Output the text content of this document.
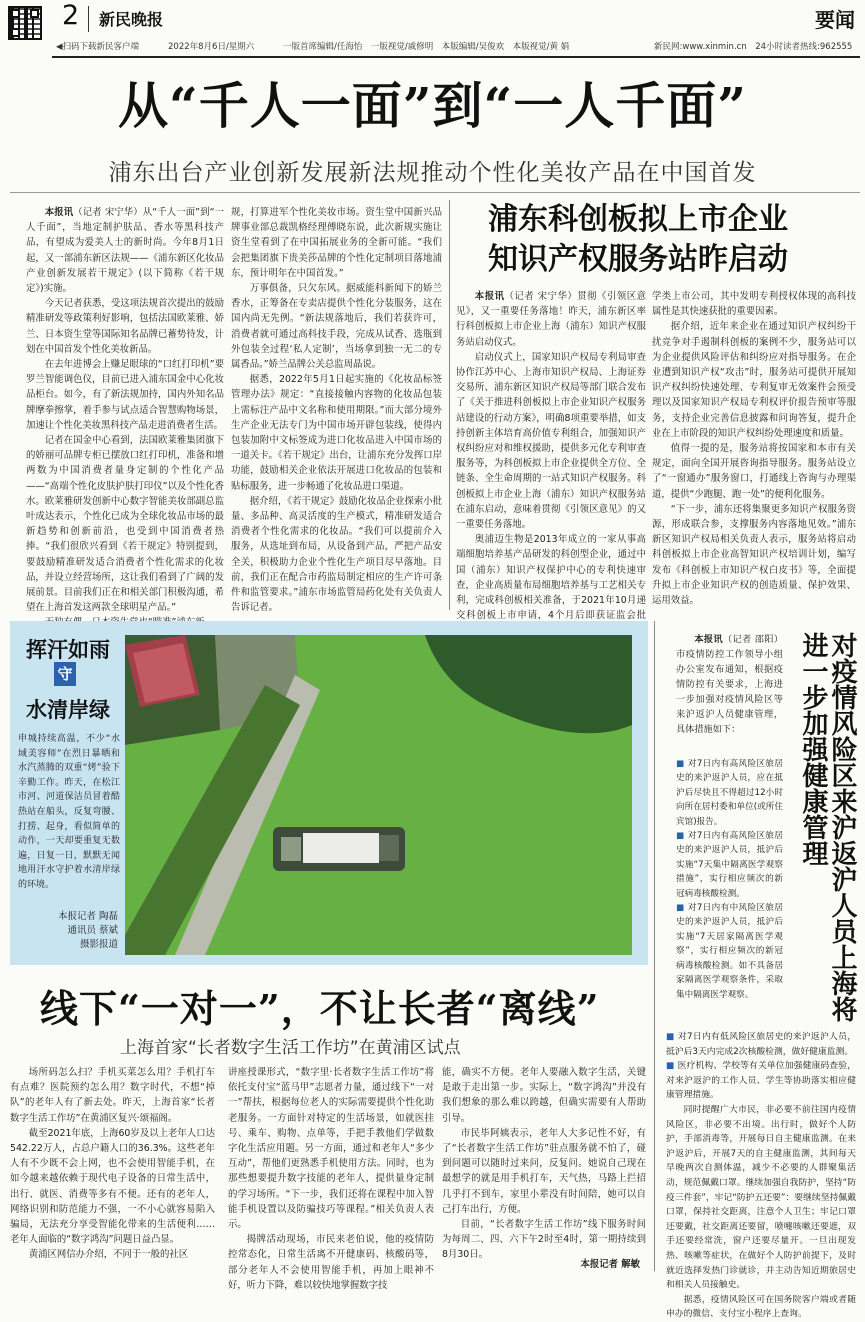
2 新民晚报	要闻
◀扫码下载新民客户端	2022年8月6日/星期六	一版首席编辑/任海怡　一版视觉/戚修明　本版编辑/吴俊欢　本版视觉/黄 娟	新民网:www.xinmin.cn　24小时读者热线:962555
从“千人一面”到“一人千面”
浦东出台产业创新发展新法规推动个性化美妆产品在中国首发

本报讯（记者 宋宁华）从“千人一面”到“一人千面”，当地定制护肤品、香水等黑科技产品，有望成为爱美人士的新时尚。今年8月1日起，又一部浦东新区法规——《浦东新区化妆品产业创新发展若干规定》(以下简称《若干规定》)实施。

今天记者获悉，受这项法规首次提出的鼓励精准研发等政策利好影响，包括法国欧莱雅、娇兰、日本资生堂等国际知名品牌已蓄势待发，计划在中国首发个性化美妆新品。

在去年进博会上赚足眼球的“口红打印机”要罗兰智能调色仪，目前已进入浦东国金中心化妆品柜台。如今，有了新法规加持，国内外知名品牌摩拳擦掌，着手参与试点适合智慧购物场景，加速让个性化美妆黑科技产品走进消费者生活。

记者在国金中心看到，法国欧莱雅集团旗下的娇丽可品牌专柜已摆放口红打印机，准备和增两数为中国消费者量身定制的个性化产品——“高端个性化皮肤护肤打印仪”以及个性化香水。欧莱雅研发创新中心数字智能美妆部副总监叶成达表示，个性化已成为全球化妆品市场的最新趋势和创新前沿，也受到中国消费者热捧。“我们很欣兴看到《若干规定》特别提到，要鼓励精准研发适合消费者个性化需求的化妆品，并设立经营场所，这让我们看到了广阔的发展前景。目前我们正在和相关部门积极沟通，希望在上海首发这两款全球明星产品。”

规，打算进军个性化美妆市场。资生堂中国新兴品牌事业部总裁凯格经理傅晓东说，此次新规实施让资生堂看到了在中国拓展业务的全新可能。“我们会把集团旗下贵美莎品牌的个性化定制项目落地浦东，预计明年在中国首发。”

万事俱备，只欠东风。据威能科新闻下的娇兰香水，正筹备在专卖店提供个性化分装服务，这在国内尚无先例。“新法规落地后，我们若获许可，消费者就可通过高科技手段，完成从试香、选瓶到外包装全过程‘私人定制’，当场拿到独一无二的专属香品。”娇兰品牌公关总监周晶说。

据悉，2022年5月1日起实施的《化妆品标签管理办法》规定：“直接接触内容物的化妆品包装上需标注产品中文名称和使用期限。”而大部分境外生产企业无法专门为中国市场开辟包装线，使得内包装加附中文标签成为进口化妆品进入中国市场的一道关卡。《若干规定》出台，让浦东充分发挥口岸功能，鼓励相关企业依法开展进口化妆品的包装和贴标服务，进一步畅通了化妆品进口渠道。

据介绍，《若干规定》鼓励化妆品企业探索小批量、多品种、高灵活度的生产模式，精准研发适合消费者个性化需求的化妆品。“我们可以提前介入服务，从选址到布局，从设备到产品，严把产品安全关，积极助力企业个性化生产项目尽早落地。目前，我们正在配合市药监局制定相应的生产许可条件和监管要求。”浦东市场监管局药化处有关负责人告诉记者。

浦东科创板拟上市企业
知识产权服务站昨启动

本报讯（记者 宋宁华）贯彻《引领区意见》，又一重要任务落地！昨天，浦东新区率行科创板拟上市企业上海（浦东）知识产权服务站启动仪式。

启动仪式上，国家知识产权局专利局审查协作江苏中心、上海市知识产权局、上海证券交易所、浦东新区知识产权局等部门联合发布了《关于推进科创板拟上市企业知识产权服务站建设的行动方案》，明确8项重要举措，如支持创新主体培育高价值专利组合，加强知识产权纠纷应对和维权援助，提供多元化专利审查服务等，为科创板拟上市企业提供全方位、全链条、全生命周期的一站式知识产权服务。科创板拟上市企业上海（浦东）知识产权服务站在浦东启动，意味着贯彻《引领区意见》的又一重要任务落地。

奥浦迈生物是2013年成立的一家从事高端细胞培养基产品研发的科创型企业，通过中国（浦东）知识产权保护中心的专利快速审查，企业高质量布局细胞培养基与工艺相关专利，完成科创板相关准备，于2021年10月递交科创板上市申请，4个月后即获证监会批

学类上市公司，其中发明专利授权体现的高科技属性是其快速获批的重要因素。

据介绍，近年来企业在通过知识产权纠纷干扰竞争对手遏制科创板的案例不少，服务站可以为企业提供风险评估和纠纷应对指导服务。在企业遭到知识产权“攻击”时，服务站可提供开展知识产权纠纷快速处理、专利复审无效案件会预受理以及国家知识产权局专利权评价报告预审等服务，支持企业完善信息披露和问询答复，提升企业在上市阶段的知识产权纠纷处理速度和质量。

值得一提的是，服务站将按国家和本市有关规定，面向全国开展咨询指导服务。服务站设立了“一窗通办”服务窗口，打通线上咨询与办理渠道，提供“少跑腿、跑一处”的便利化服务。

“下一步，浦东还将集聚更多知识产权服务资源，形成联合参，支撑服务内容落地见效。”浦东新区知识产权局相关负责人表示，服务站将启动科创板拟上市企业高智知识产权培训计划，编写发布《科创板上市知识产权白皮书》等，全面提升拟上市企业知识产权的创造质量、保护效果、运用效益。

挥汗如雨
守
水清岸绿
申城持续高温，不少“水域美容师”在烈日暴晒和水汽蒸腾的双重“烤”验下辛勤工作。昨天，在松江市河、河道保洁员冒着酷热站在船头，反复弯腰、打捞、起身，看似简单的动作，一天却要重复无数遍，日复一日，默默无闻地用汗水守护着水清岸绿的环境。
本报记者 陶磊
通讯员 蔡斌
摄影报道	对疫情风险区来沪返沪人员上海将进一步加强健康管理

本报讯（记者 邵阳）市疫情防控工作领导小组办公室发布通知，根据疫情防控有关要求，上海进一步加强对疫情风险区等来沪返沪人员健康管理，具体措施如下：

■ 对7日内有高风险区旅居史的来沪返沪人员，应在抵沪后尽快且不得超过12小时向所在居村委和单位(或所住宾馆)报告。

■ 对7日内有高风险区旅居史的来沪返沪人员，抵沪后实施“7天集中隔离医学观察措施”，实行相应频次的新冠病毒核酸检测。

■ 对7日内有中风险区旅居史的来沪返沪人员，抵沪后实施“7天居家隔离医学观察”，实行相应频次的新冠病毒核酸检测。如不具备居家隔离医学观察条件，采取集中隔离医学观察。

■ 对7日内有低风险区旅居史的来沪返沪人员，抵沪后3天内完成2次核酸检测，做好健康监测。

■ 医疗机构、学校等有关单位加强健康码查验，对来沪返沪的工作人员、学生等协助落实相应健康管理措施。

同时提醒广大市民，非必要不前往国内疫情风险区，非必要不出境。出行时，做好个人防护，手部消毒等，开展每日自主健康监测。在来沪返沪后，开展7天的自主健康监测，其间每天早晚两次自测体温，减少不必要的人群聚集活动，规范佩戴口罩。继续加强自我防护，坚持“防疫三件套”，牢记“防护五还要”：要继续坚持佩戴口罩，保持社交距离，注意个人卫生；牢记口罩还要戴，社交距离还要留，喷嚏咳嗽还要遮，双手还要经常洗，窗户还要尽量开。一旦出现发热、咳嗽等症状，在做好个人防护前提下，及时就近选择发热门诊就诊，并主动告知近期旅居史和相关人员接触史。

据悉，疫情风险区可在国务院客户端或者随申办的微信、支付宝小程序上查询。

线下“一对一”，不让长者“离线”
上海首家“长者数字生活工作坊”在黄浦区试点

场所码怎么扫？手机买菜怎么用？手机打车有点难？医院预约怎么用？数字时代，不想“掉队”的老年人有了新去处。昨天，上海首家“长者数字生活工作坊”在黄浦区复兴·颂福阁。

截至2021年底，上海60岁及以上老年人口达542.22万人，占总户籍人口的36.3%。这些老年人有不少既不会上网，也不会使用智能手机，在如今越来越依赖于现代电子设备的日常生活中，出行、就医、消费等多有不便。还有的老年人，网络识别和防范能力不强，一不小心就容易陷入骗局，无法充分享受智能化带来的生活便利……老年人面临的“数字鸿沟”问题日益凸显。

黄浦区网信办介绍，不同于一般的社区

讲座授课形式，“数字里·长者数字生活工作坊”将依托支付宝“蓝马甲”志愿者力量，通过线下“一对一”帮扶，根据每位老人的实际需要提供个性化助老服务。一方面针对特定的生活场景，如就医挂号、乘车、购物、点单等，手把手教他们学做数字化生活应用题。另一方面，通过和老年人“多少互动”，帮他们更熟悉手机使用方法。同时，也为那些想要提升数字技能的老年人，提供量身定制的学习场所。“下一步，我们还将在课程中加入智能手机设置以及防骗技巧等课程。”相关负责人表示。

揭牌活动现场，市民来老伯说，他的疫情防控常态化，日常生活离不开健康码、核酸码等，部分老年人不会使用智能手机，再加上眼神不好，听力下降，难以较快地掌握数字技

能，确实不方便。老年人要融入数字生活，关键是敢于走出第一步。实际上，“数字鸿沟”并没有我们想象的那么难以跨越，但确实需要有人帮助引导。

市民毕阿姨表示，老年人大多记性不好，有了“长者数字生活工作坊”驻点服务就不怕了，碰到问题可以随时过来问，反复问。她说自己现在最想学的就是用手机打车，天气热，马路上拦招几乎打不到车，家里小辈没有时间陪，她可以自己打车出行，方便。

目前，“长者数字生活工作坊”线下服务时间为每周二、四、六下午2时至4时，第一期持续到8月30日。

本报记者 解敏
